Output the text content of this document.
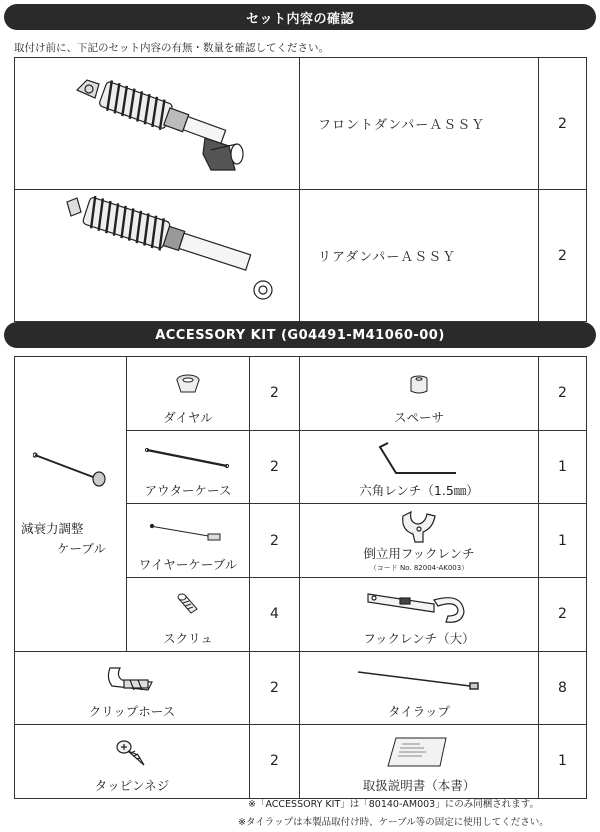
セット内容の確認
取付け前に、下記のセット内容の有無・数量を確認してください。
	フロントダンパーＡＳＳＹ	2
	リアダンパーＡＳＳＹ	2
ACCESSORY KIT (G04491-M41060-00)
減衰力調整
ケーブル	ダイヤル	2	スペーサ	2

	アウターケース	2	六角レンチ（1.5㎜）	1

	ワイヤーケーブル	2	倒立用フックレンチ
（コード No. 82004-AK003）	1

	スクリュ	4	フックレンチ（大）	2

クリップホース		2	タイラップ	8

タッピンネジ		2	取扱説明書（本書）	1
※「ACCESSORY KIT」は「80140-AM003」にのみ同梱されます。
※タイラップは本製品取付け時、ケーブル等の固定に使用してください。
